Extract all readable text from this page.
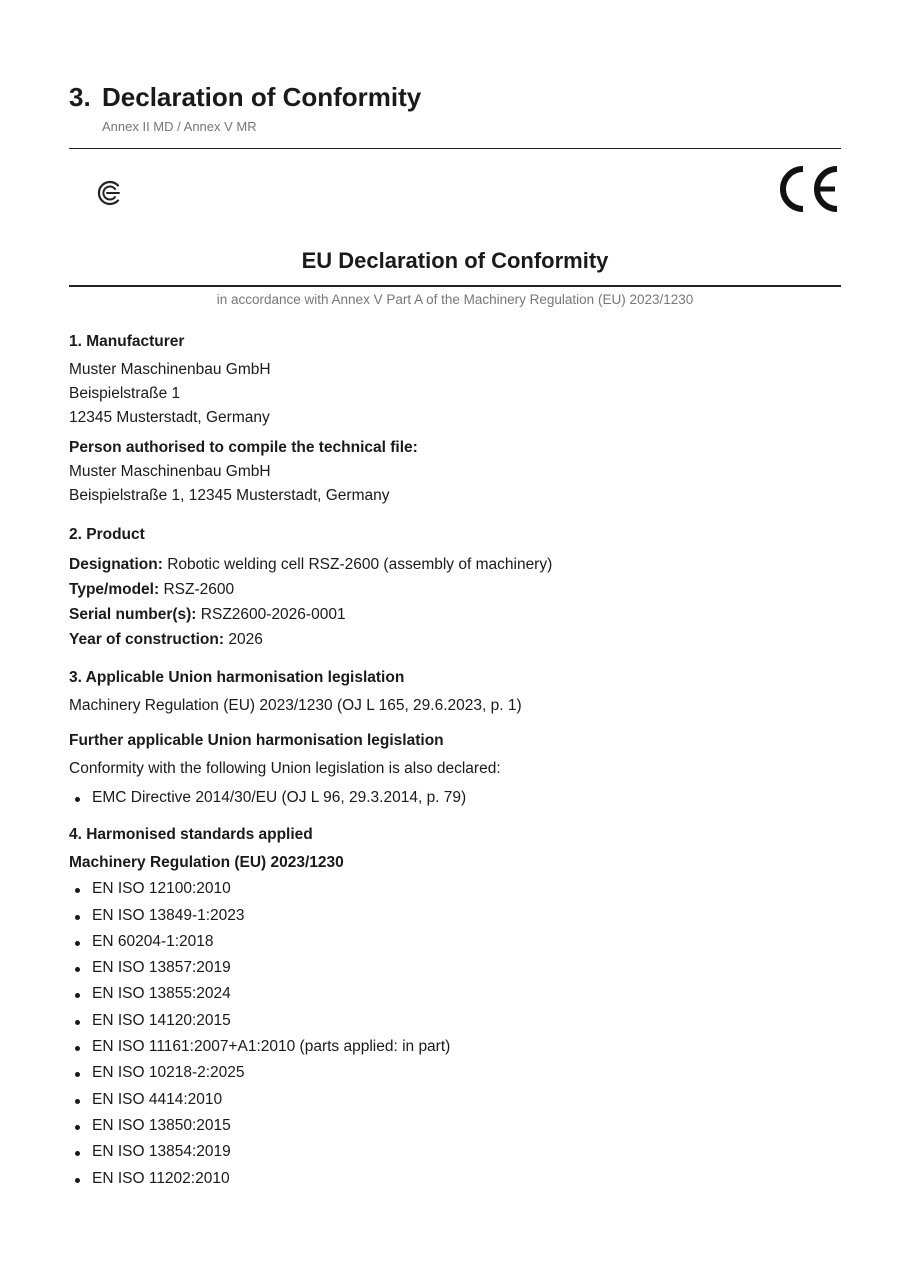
3. Declaration of Conformity
Annex II MD / Annex V MR
EU Declaration of Conformity
in accordance with Annex V Part A of the Machinery Regulation (EU) 2023/1230

1. Manufacturer

Muster Maschinenbau GmbH

Beispielstraße 1

12345 Musterstadt, Germany

Person authorised to compile the technical file:

Muster Maschinenbau GmbH

Beispielstraße 1, 12345 Musterstadt, Germany

2. Product

Designation: Robotic welding cell RSZ-2600 (assembly of machinery)

Type/model: RSZ-2600

Serial number(s): RSZ2600-2026-0001

Year of construction: 2026

3. Applicable Union harmonisation legislation

Machinery Regulation (EU) 2023/1230 (OJ L 165, 29.6.2023, p. 1)

Further applicable Union harmonisation legislation

Conformity with the following Union legislation is also declared:

EMC Directive 2014/30/EU (OJ L 96, 29.3.2014, p. 79)

4. Harmonised standards applied

Machinery Regulation (EU) 2023/1230

EN ISO 12100:2010
EN ISO 13849-1:2023
EN 60204-1:2018
EN ISO 13857:2019
EN ISO 13855:2024
EN ISO 14120:2015
EN ISO 11161:2007+A1:2010 (parts applied: in part)
EN ISO 10218-2:2025
EN ISO 4414:2010
EN ISO 13850:2015
EN ISO 13854:2019
EN ISO 11202:2010
